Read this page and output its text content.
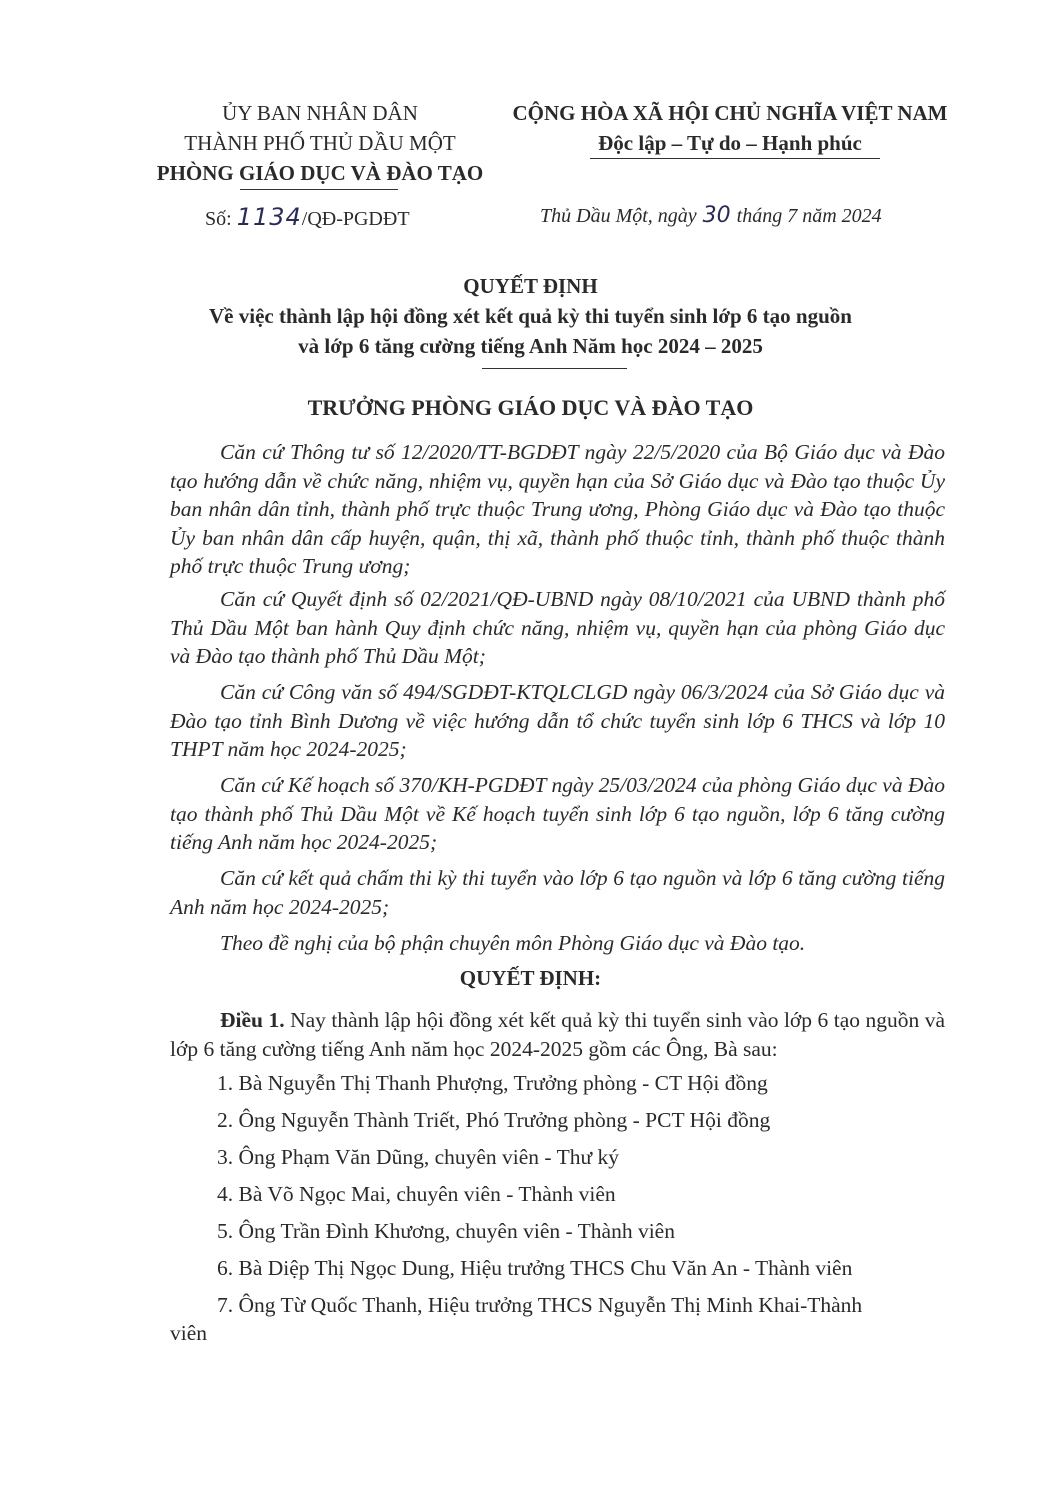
ỦY BAN NHÂN DÂN
THÀNH PHỐ THỦ DẦU MỘT
PHÒNG GIÁO DỤC VÀ ĐÀO TẠO
CỘNG HÒA XÃ HỘI CHỦ NGHĨA VIỆT NAM
Độc lập – Tự do – Hạnh phúc
Số: 1134/QĐ-PGDĐT	Thủ Dầu Một, ngày 30 tháng 7 năm 2024
QUYẾT ĐỊNH
Về việc thành lập hội đồng xét kết quả kỳ thi tuyển sinh lớp 6 tạo nguồn
và lớp 6 tăng cường tiếng Anh Năm học 2024 – 2025
TRƯỞNG PHÒNG GIÁO DỤC VÀ ĐÀO TẠO
Căn cứ Thông tư số 12/2020/TT-BGDĐT ngày 22/5/2020 của Bộ Giáo dục và Đào tạo hướng dẫn về chức năng, nhiệm vụ, quyền hạn của Sở Giáo dục và Đào tạo thuộc Ủy ban nhân dân tỉnh, thành phố trực thuộc Trung ương, Phòng Giáo dục và Đào tạo thuộc Ủy ban nhân dân cấp huyện, quận, thị xã, thành phố thuộc tỉnh, thành phố thuộc thành phố trực thuộc Trung ương;
Căn cứ Quyết định số 02/2021/QĐ-UBND ngày 08/10/2021 của UBND thành phố Thủ Dầu Một ban hành Quy định chức năng, nhiệm vụ, quyền hạn của phòng Giáo dục và Đào tạo thành phố Thủ Dầu Một;
Căn cứ Công văn số 494/SGDĐT-KTQLCLGD ngày 06/3/2024 của Sở Giáo dục và Đào tạo tỉnh Bình Dương về việc hướng dẫn tổ chức tuyển sinh lớp 6 THCS và lớp 10 THPT năm học 2024-2025;
Căn cứ Kế hoạch số 370/KH-PGDĐT ngày 25/03/2024 của phòng Giáo dục và Đào tạo thành phố Thủ Dầu Một về Kế hoạch tuyển sinh lớp 6 tạo nguồn, lớp 6 tăng cường tiếng Anh năm học 2024-2025;
Căn cứ kết quả chấm thi kỳ thi tuyển vào lớp 6 tạo nguồn và lớp 6 tăng cường tiếng Anh năm học 2024-2025;
Theo đề nghị của bộ phận chuyên môn Phòng Giáo dục và Đào tạo.
QUYẾT ĐỊNH:
Điều 1. Nay thành lập hội đồng xét kết quả kỳ thi tuyển sinh vào lớp 6 tạo nguồn và lớp 6 tăng cường tiếng Anh năm học 2024-2025 gồm các Ông, Bà sau:
1. Bà Nguyễn Thị Thanh Phượng, Trưởng phòng - CT Hội đồng
2. Ông Nguyễn Thành Triết, Phó Trưởng phòng - PCT Hội đồng
3. Ông Phạm Văn Dũng, chuyên viên - Thư ký
4. Bà Võ Ngọc Mai, chuyên viên - Thành viên
5. Ông Trần Đình Khương, chuyên viên - Thành viên
6. Bà Diệp Thị Ngọc Dung, Hiệu trưởng THCS Chu Văn An - Thành viên
7. Ông Từ Quốc Thanh, Hiệu trưởng THCS Nguyễn Thị Minh Khai-Thành
viên
